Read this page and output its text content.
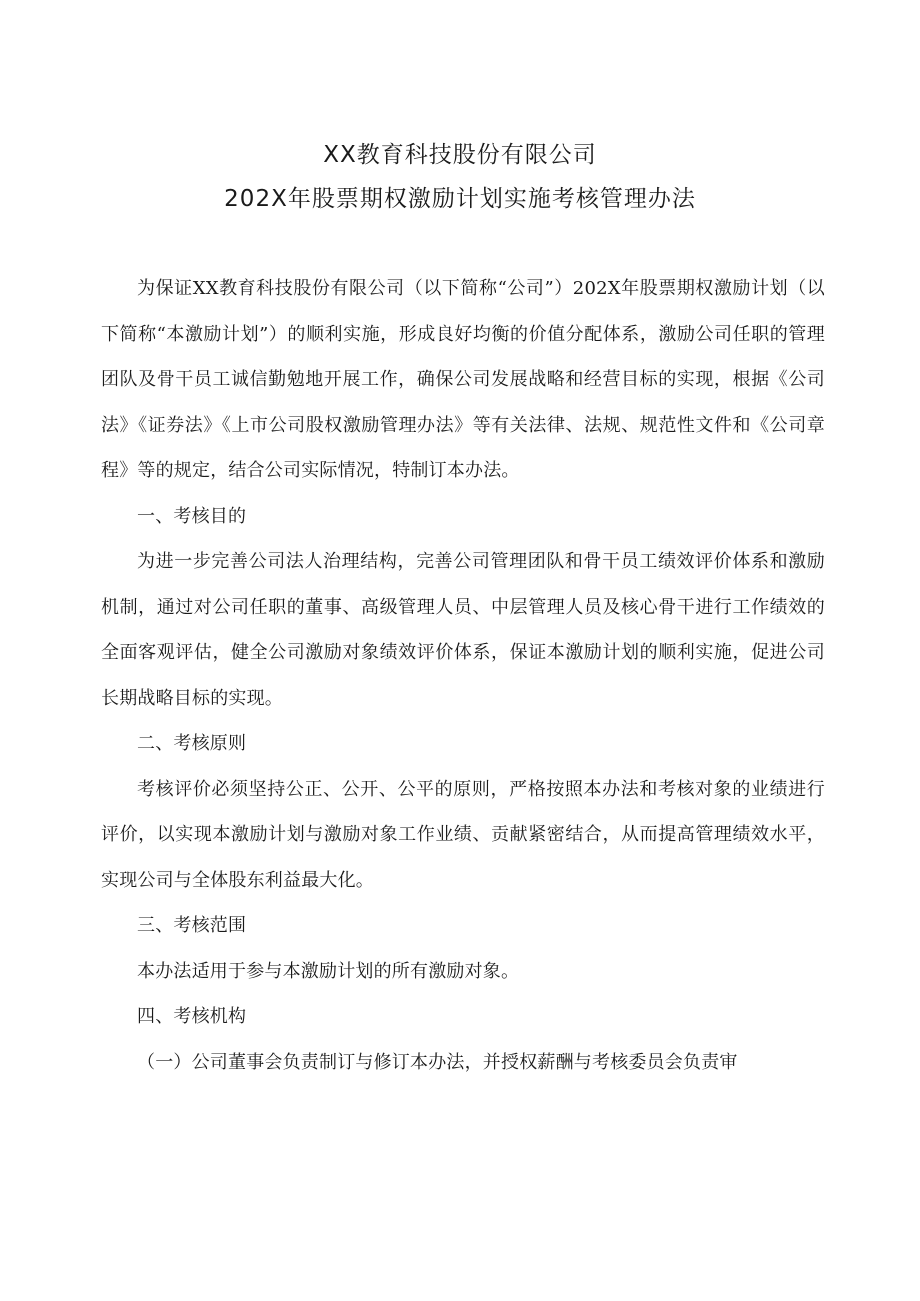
XX教育科技股份有限公司
202X年股票期权激励计划实施考核管理办法

为保证XX教育科技股份有限公司（以下简称“公司”）202X年股票期权激励计划（以下简称“本激励计划”）的顺利实施，形成良好均衡的价值分配体系，激励公司任职的管理团队及骨干员工诚信勤勉地开展工作，确保公司发展战略和经营目标的实现，根据《公司法》《证券法》《上市公司股权激励管理办法》等有关法律、法规、规范性文件和《公司章程》等的规定，结合公司实际情况，特制订本办法。

一、考核目的

为进一步完善公司法人治理结构，完善公司管理团队和骨干员工绩效评价体系和激励机制，通过对公司任职的董事、高级管理人员、中层管理人员及核心骨干进行工作绩效的全面客观评估，健全公司激励对象绩效评价体系，保证本激励计划的顺利实施，促进公司长期战略目标的实现。

二、考核原则

考核评价必须坚持公正、公开、公平的原则，严格按照本办法和考核对象的业绩进行评价，以实现本激励计划与激励对象工作业绩、贡献紧密结合，从而提高管理绩效水平，实现公司与全体股东利益最大化。

三、考核范围

本办法适用于参与本激励计划的所有激励对象。

四、考核机构

（一）公司董事会负责制订与修订本办法，并授权薪酬与考核委员会负责审
